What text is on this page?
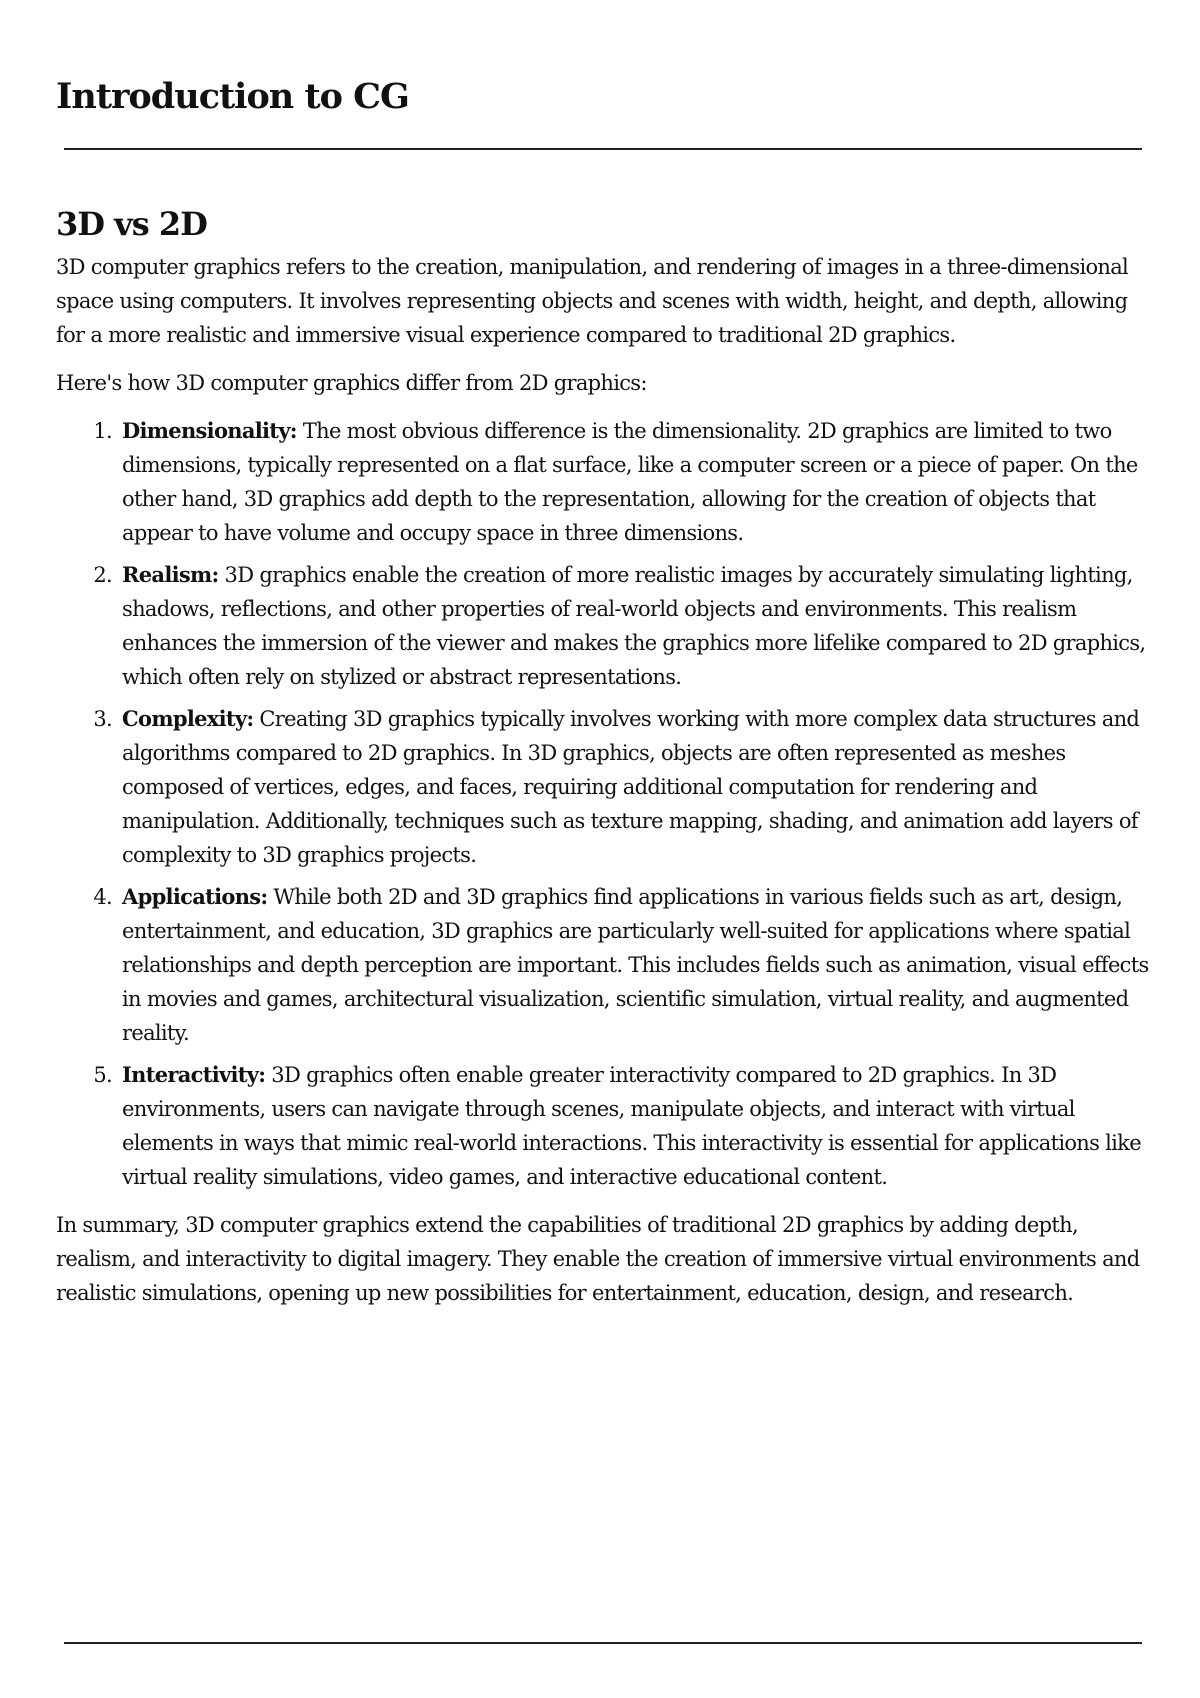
Introduction to CG
3D vs 2D

3D computer graphics refers to the creation, manipulation, and rendering of images in a three-dimensional space using computers. It involves representing objects and scenes with width, height, and depth, allowing for a more realistic and immersive visual experience compared to traditional 2D graphics.

Here's how 3D computer graphics differ from 2D graphics:

1. Dimensionality: The most obvious difference is the dimensionality. 2D graphics are limited to two dimensions, typically represented on a flat surface, like a computer screen or a piece of paper. On the other hand, 3D graphics add depth to the representation, allowing for the creation of objects that appear to have volume and occupy space in three dimensions.
2. Realism: 3D graphics enable the creation of more realistic images by accurately simulating lighting, shadows, reflections, and other properties of real-world objects and environments. This realism enhances the immersion of the viewer and makes the graphics more lifelike compared to 2D graphics, which often rely on stylized or abstract representations.
3. Complexity: Creating 3D graphics typically involves working with more complex data structures and algorithms compared to 2D graphics. In 3D graphics, objects are often represented as meshes composed of vertices, edges, and faces, requiring additional computation for rendering and manipulation. Additionally, techniques such as texture mapping, shading, and animation add layers of complexity to 3D graphics projects.
4. Applications: While both 2D and 3D graphics find applications in various fields such as art, design, entertainment, and education, 3D graphics are particularly well-suited for applications where spatial relationships and depth perception are important. This includes fields such as animation, visual effects in movies and games, architectural visualization, scientific simulation, virtual reality, and augmented reality.
5. Interactivity: 3D graphics often enable greater interactivity compared to 2D graphics. In 3D environments, users can navigate through scenes, manipulate objects, and interact with virtual elements in ways that mimic real-world interactions. This interactivity is essential for applications like virtual reality simulations, video games, and interactive educational content.

In summary, 3D computer graphics extend the capabilities of traditional 2D graphics by adding depth, realism, and interactivity to digital imagery. They enable the creation of immersive virtual environments and realistic simulations, opening up new possibilities for entertainment, education, design, and research.
